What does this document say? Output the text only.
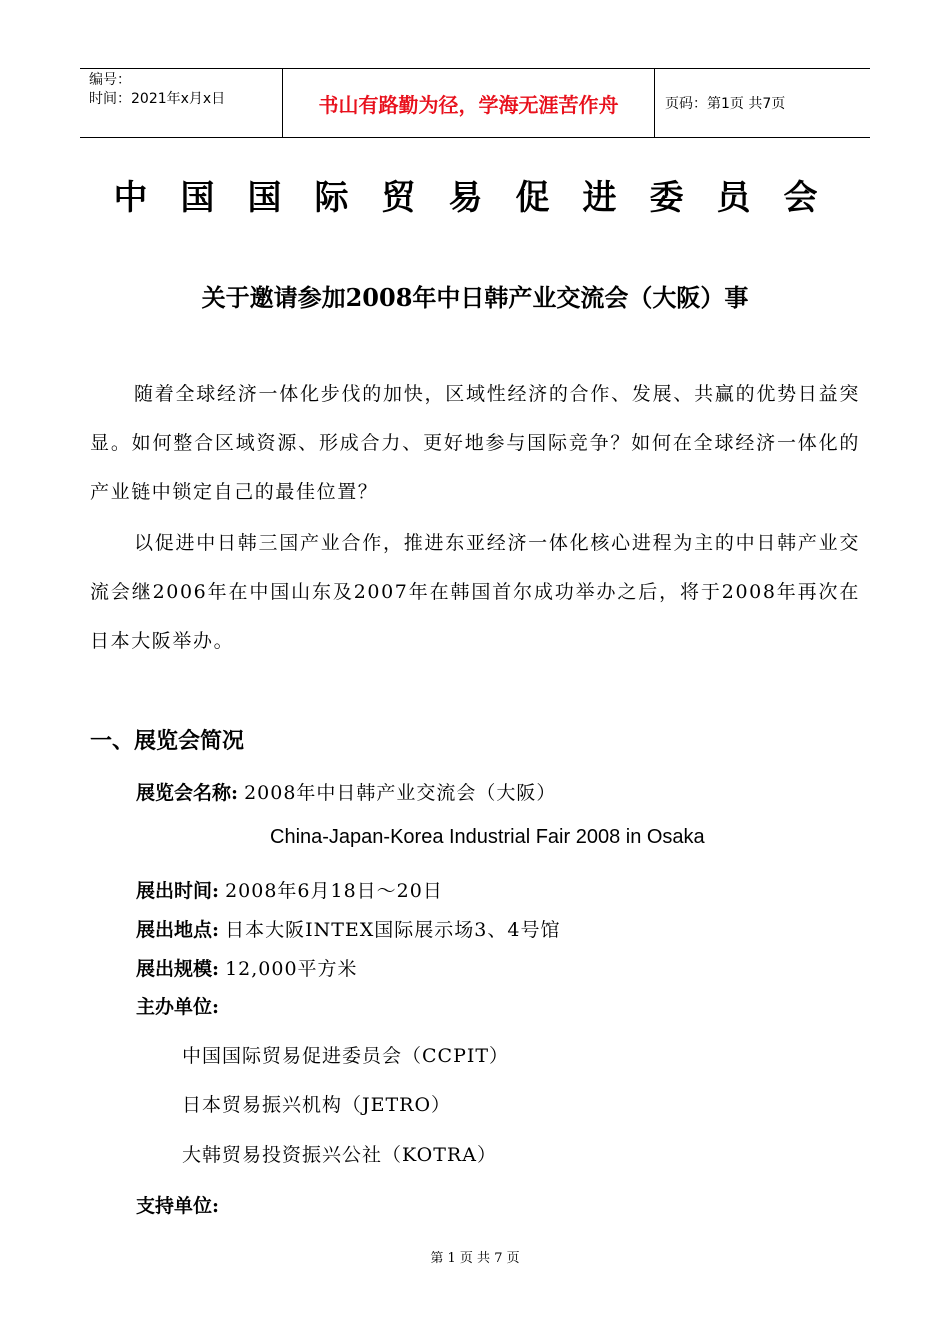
编号：
时间：2021年x月x日	书山有路勤为径，学海无涯苦作舟	页码：第1页 共7页
中国国际贸易促进委员会
关于邀请参加2008年中日韩产业交流会（大阪）事
随着全球经济一体化步伐的加快，区域性经济的合作、发展、共赢的优势日益突显。如何整合区域资源、形成合力、更好地参与国际竞争？如何在全球经济一体化的产业链中锁定自己的最佳位置？
以促进中日韩三国产业合作，推进东亚经济一体化核心进程为主的中日韩产业交流会继2006年在中国山东及2007年在韩国首尔成功举办之后，将于2008年再次在日本大阪举办。
一、展览会简况
展览会名称: 2008年中日韩产业交流会（大阪）
China-Japan-Korea Industrial Fair 2008 in Osaka
展出时间: 2008年6月18日～20日
展出地点: 日本大阪INTEX国际展示场3、4号馆
展出规模: 12,000平方米
主办单位:
中国国际贸易促进委员会（CCPIT）
日本贸易振兴机构（JETRO）
大韩贸易投资振兴公社（KOTRA）
支持单位:
第 1 页 共 7 页
